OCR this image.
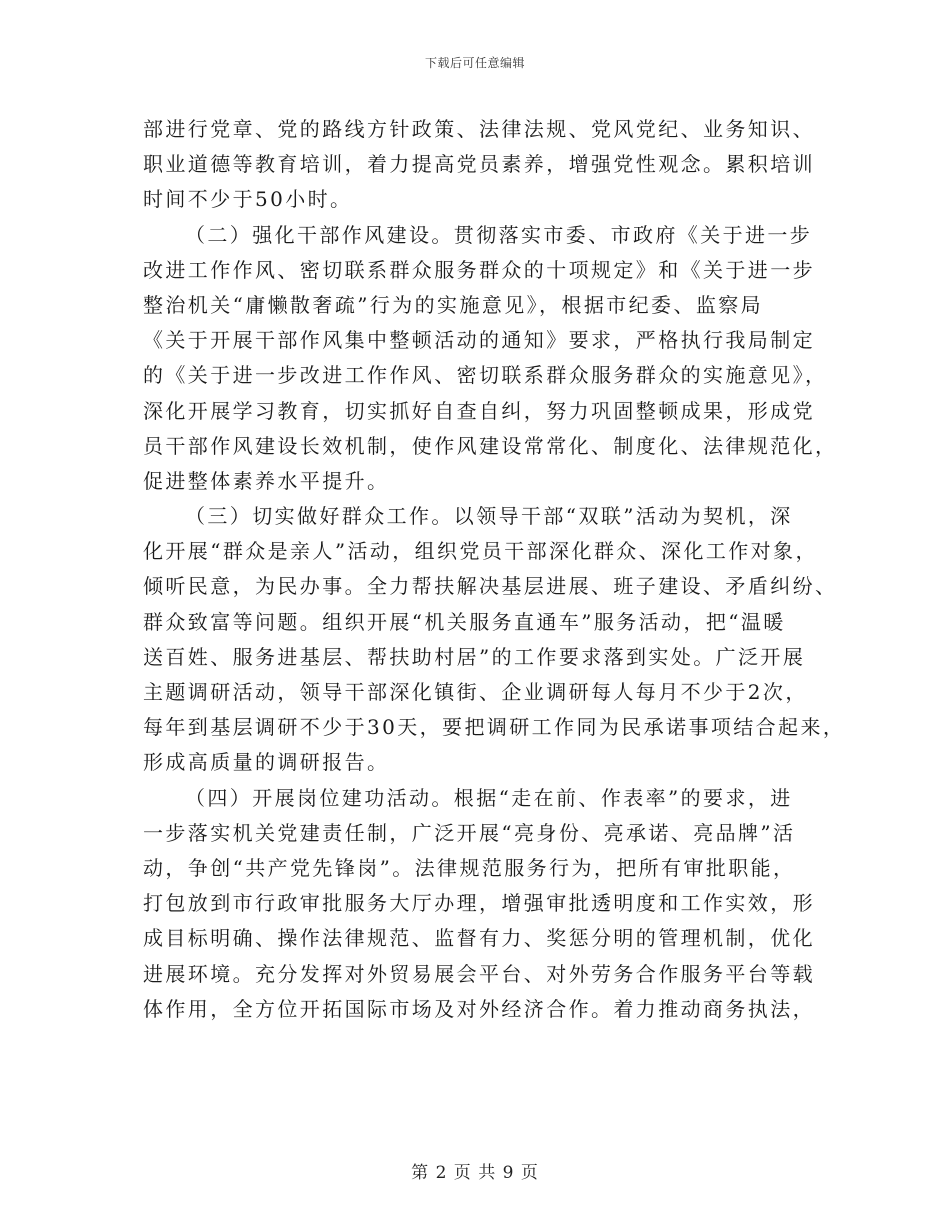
下载后可任意编辑
部进行党章、党的路线方针政策、法律法规、党风党纪、业务知识、
职业道德等教育培训，着力提高党员素养，增强党性观念。累积培训
时间不少于50小时。
（二）强化干部作风建设。贯彻落实市委、市政府《关于进一步
改进工作作风、密切联系群众服务群众的十项规定》和《关于进一步
整治机关“庸懒散奢疏”行为的实施意见》，根据市纪委、监察局
《关于开展干部作风集中整顿活动的通知》要求，严格执行我局制定
的《关于进一步改进工作作风、密切联系群众服务群众的实施意见》，
深化开展学习教育，切实抓好自查自纠，努力巩固整顿成果，形成党
员干部作风建设长效机制，使作风建设常常化、制度化、法律规范化，
促进整体素养水平提升。
（三）切实做好群众工作。以领导干部“双联”活动为契机，深
化开展“群众是亲人”活动，组织党员干部深化群众、深化工作对象，
倾听民意，为民办事。全力帮扶解决基层进展、班子建设、矛盾纠纷、
群众致富等问题。组织开展“机关服务直通车”服务活动，把“温暖
送百姓、服务进基层、帮扶助村居”的工作要求落到实处。广泛开展
主题调研活动，领导干部深化镇街、企业调研每人每月不少于2次，
每年到基层调研不少于30天，要把调研工作同为民承诺事项结合起来，
形成高质量的调研报告。
（四）开展岗位建功活动。根据“走在前、作表率”的要求，进
一步落实机关党建责任制，广泛开展“亮身份、亮承诺、亮品牌”活
动，争创“共产党先锋岗”。法律规范服务行为，把所有审批职能，
打包放到市行政审批服务大厅办理，增强审批透明度和工作实效，形
成目标明确、操作法律规范、监督有力、奖惩分明的管理机制，优化
进展环境。充分发挥对外贸易展会平台、对外劳务合作服务平台等载
体作用，全方位开拓国际市场及对外经济合作。着力推动商务执法，
第 2 页 共 9 页
